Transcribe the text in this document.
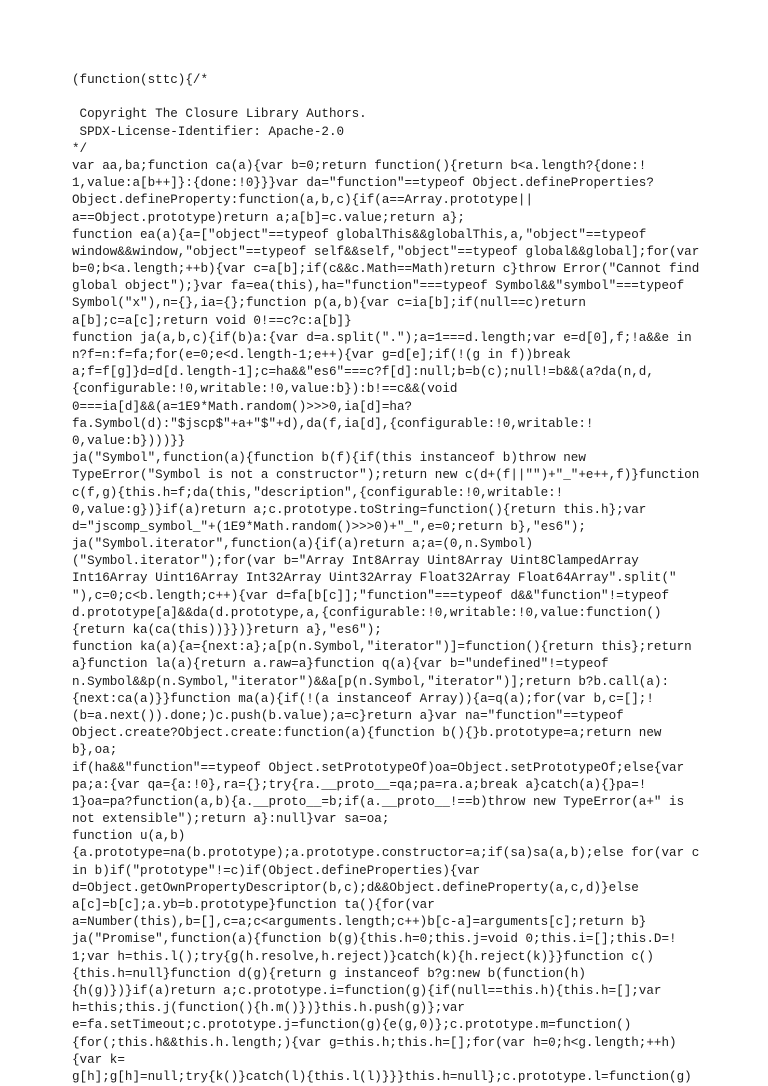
(function(sttc){/*
Copyright The Closure Library Authors.
SPDX-License-Identifier: Apache-2.0
*/
var aa,ba;function ca(a){var b=0;return function(){return b<a.length?{done:!
1,value:a[b++]}:{done:!0}}}var da="function"==typeof Object.defineProperties?
Object.defineProperty:function(a,b,c){if(a==Array.prototype||
a==Object.prototype)return a;a[b]=c.value;return a};
function ea(a){a=["object"==typeof globalThis&&globalThis,a,"object"==typeof
window&&window,"object"==typeof self&&self,"object"==typeof global&&global];for(var
b=0;b<a.length;++b){var c=a[b];if(c&&c.Math==Math)return c}throw Error("Cannot find
global object");}var fa=ea(this),ha="function"===typeof Symbol&&"symbol"===typeof
Symbol("x"),n={},ia={};function p(a,b){var c=ia[b];if(null==c)return
a[b];c=a[c];return void 0!==c?c:a[b]}
function ja(a,b,c){if(b)a:{var d=a.split(".");a=1===d.length;var e=d[0],f;!a&&e in
n?f=n:f=fa;for(e=0;e<d.length-1;e++){var g=d[e];if(!(g in f))break
a;f=f[g]}d=d[d.length-1];c=ha&&"es6"===c?f[d]:null;b=b(c);null!=b&&(a?da(n,d,
{configurable:!0,writable:!0,value:b}):b!==c&&(void
0===ia[d]&&(a=1E9*Math.random()>>>0,ia[d]=ha?
fa.Symbol(d):"$jscp$"+a+"$"+d),da(f,ia[d],{configurable:!0,writable:!
0,value:b})))}}
ja("Symbol",function(a){function b(f){if(this instanceof b)throw new
TypeError("Symbol is not a constructor");return new c(d+(f||"")+"_"+e++,f)}function
c(f,g){this.h=f;da(this,"description",{configurable:!0,writable:!
0,value:g})}if(a)return a;c.prototype.toString=function(){return this.h};var
d="jscomp_symbol_"+(1E9*Math.random()>>>0)+"_",e=0;return b},"es6");
ja("Symbol.iterator",function(a){if(a)return a;a=(0,n.Symbol)
("Symbol.iterator");for(var b="Array Int8Array Uint8Array Uint8ClampedArray
Int16Array Uint16Array Int32Array Uint32Array Float32Array Float64Array".split("
"),c=0;c<b.length;c++){var d=fa[b[c]];"function"===typeof d&&"function"!=typeof
d.prototype[a]&&da(d.prototype,a,{configurable:!0,writable:!0,value:function()
{return ka(ca(this))}})}return a},"es6");
function ka(a){a={next:a};a[p(n.Symbol,"iterator")]=function(){return this};return
a}function la(a){return a.raw=a}function q(a){var b="undefined"!=typeof
n.Symbol&&p(n.Symbol,"iterator")&&a[p(n.Symbol,"iterator")];return b?b.call(a):
{next:ca(a)}}function ma(a){if(!(a instanceof Array)){a=q(a);for(var b,c=[];!
(b=a.next()).done;)c.push(b.value);a=c}return a}var na="function"==typeof
Object.create?Object.create:function(a){function b(){}b.prototype=a;return new
b},oa;
if(ha&&"function"==typeof Object.setPrototypeOf)oa=Object.setPrototypeOf;else{var
pa;a:{var qa={a:!0},ra={};try{ra.__proto__=qa;pa=ra.a;break a}catch(a){}pa=!
1}oa=pa?function(a,b){a.__proto__=b;if(a.__proto__!==b)throw new TypeError(a+" is
not extensible");return a}:null}var sa=oa;
function u(a,b)
{a.prototype=na(b.prototype);a.prototype.constructor=a;if(sa)sa(a,b);else for(var c
in b)if("prototype"!=c)if(Object.defineProperties){var
d=Object.getOwnPropertyDescriptor(b,c);d&&Object.defineProperty(a,c,d)}else
a[c]=b[c];a.yb=b.prototype}function ta(){for(var
a=Number(this),b=[],c=a;c<arguments.length;c++)b[c-a]=arguments[c];return b}
ja("Promise",function(a){function b(g){this.h=0;this.j=void 0;this.i=[];this.D=!
1;var h=this.l();try{g(h.resolve,h.reject)}catch(k){h.reject(k)}}function c()
{this.h=null}function d(g){return g instanceof b?g:new b(function(h)
{h(g)})}if(a)return a;c.prototype.i=function(g){if(null==this.h){this.h=[];var
h=this;this.j(function(){h.m()})}this.h.push(g)};var
e=fa.setTimeout;c.prototype.j=function(g){e(g,0)};c.prototype.m=function()
{for(;this.h&&this.h.length;){var g=this.h;this.h=[];for(var h=0;h<g.length;++h)
{var k=
g[h];g[h]=null;try{k()}catch(l){this.l(l)}}}this.h=null};c.prototype.l=function(g)
